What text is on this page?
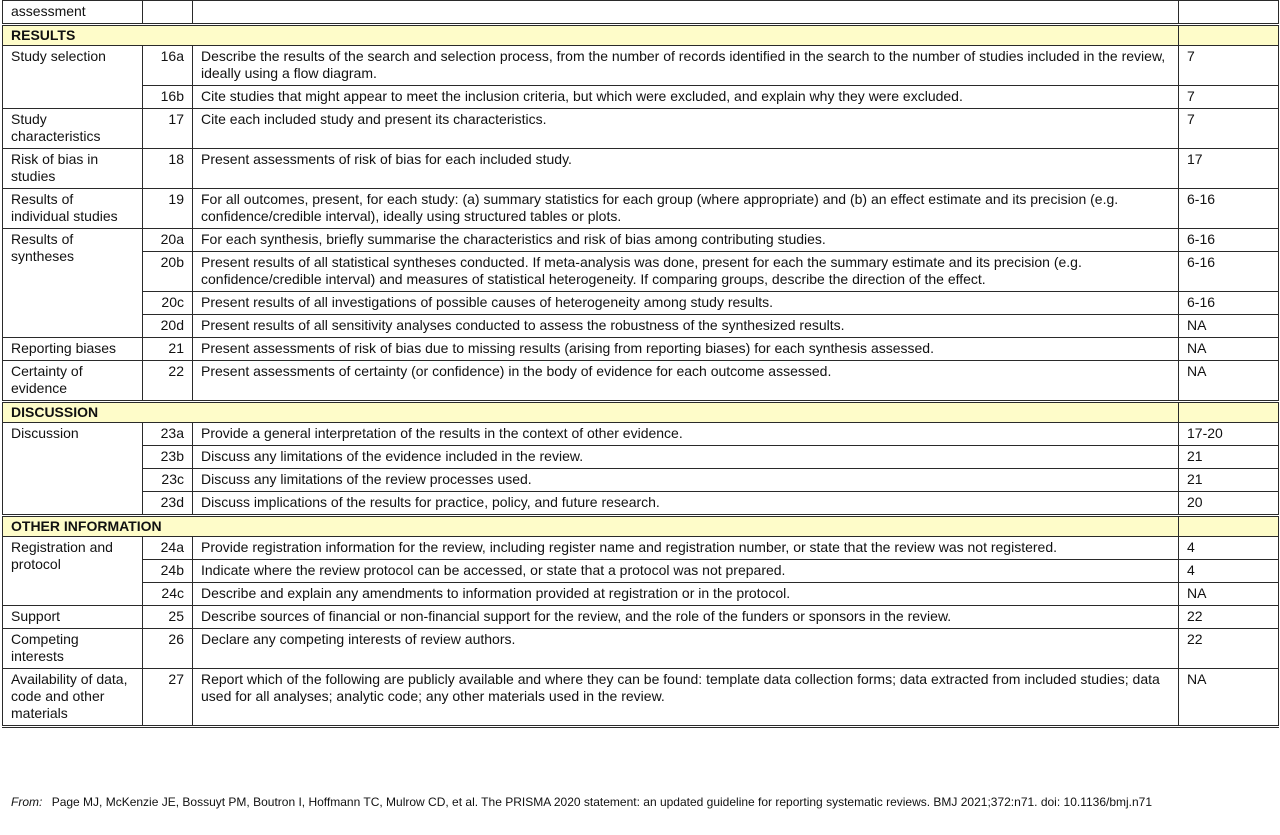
assessment			
RESULTS			
Study selection	16a	Describe the results of the search and selection process, from the number of records identified in the search to the number of studies included in the review, ideally using a flow diagram.	7
	16b	Cite studies that might appear to meet the inclusion criteria, but which were excluded, and explain why they were excluded.	7
Study characteristics	17	Cite each included study and present its characteristics.	7
Risk of bias in studies	18	Present assessments of risk of bias for each included study.	17
Results of individual studies	19	For all outcomes, present, for each study: (a) summary statistics for each group (where appropriate) and (b) an effect estimate and its precision (e.g. confidence/credible interval), ideally using structured tables or plots.	6-16
Results of syntheses	20a	For each synthesis, briefly summarise the characteristics and risk of bias among contributing studies.	6-16
	20b	Present results of all statistical syntheses conducted. If meta-analysis was done, present for each the summary estimate and its precision (e.g. confidence/credible interval) and measures of statistical heterogeneity. If comparing groups, describe the direction of the effect.	6-16
	20c	Present results of all investigations of possible causes of heterogeneity among study results.	6-16
	20d	Present results of all sensitivity analyses conducted to assess the robustness of the synthesized results.	NA
Reporting biases	21	Present assessments of risk of bias due to missing results (arising from reporting biases) for each synthesis assessed.	NA
Certainty of evidence	22	Present assessments of certainty (or confidence) in the body of evidence for each outcome assessed.	NA
DISCUSSION			
Discussion	23a	Provide a general interpretation of the results in the context of other evidence.	17-20
	23b	Discuss any limitations of the evidence included in the review.	21
	23c	Discuss any limitations of the review processes used.	21
	23d	Discuss implications of the results for practice, policy, and future research.	20
OTHER INFORMATION			
Registration and protocol	24a	Provide registration information for the review, including register name and registration number, or state that the review was not registered.	4
	24b	Indicate where the review protocol can be accessed, or state that a protocol was not prepared.	4
	24c	Describe and explain any amendments to information provided at registration or in the protocol.	NA
Support	25	Describe sources of financial or non-financial support for the review, and the role of the funders or sponsors in the review.	22
Competing interests	26	Declare any competing interests of review authors.	22
Availability of data, code and other materials	27	Report which of the following are publicly available and where they can be found: template data collection forms; data extracted from included studies; data used for all analyses; analytic code; any other materials used in the review.	NA
From: Page MJ, McKenzie JE, Bossuyt PM, Boutron I, Hoffmann TC, Mulrow CD, et al. The PRISMA 2020 statement: an updated guideline for reporting systematic reviews. BMJ 2021;372:n71. doi: 10.1136/bmj.n71
